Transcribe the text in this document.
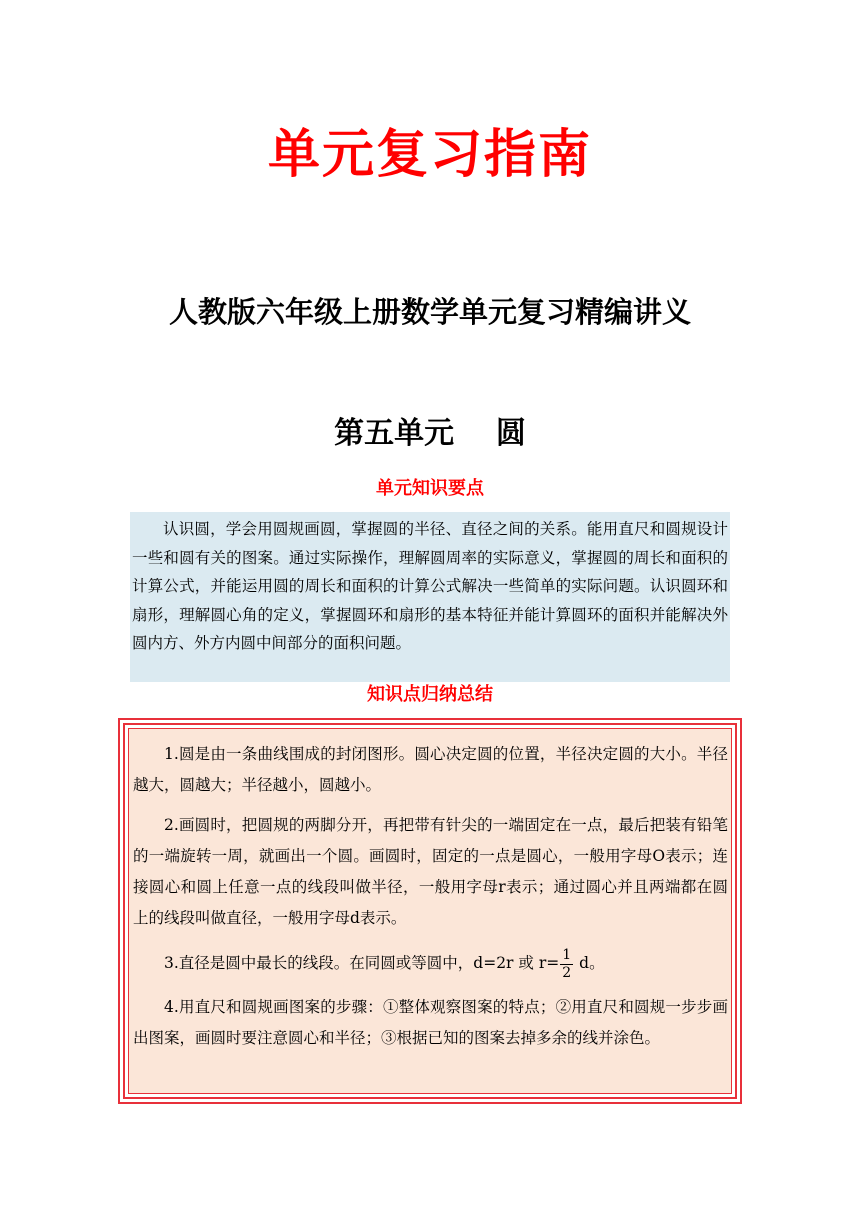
单元复习指南
人教版六年级上册数学单元复习精编讲义
第五单元    圆
单元知识要点

认识圆，学会用圆规画圆，掌握圆的半径、直径之间的关系。能用直尺和圆规设计一些和圆有关的图案。通过实际操作，理解圆周率的实际意义，掌握圆的周长和面积的计算公式，并能运用圆的周长和面积的计算公式解决一些简单的实际问题。认识圆环和扇形，理解圆心角的定义，掌握圆环和扇形的基本特征并能计算圆环的面积并能解决外圆内方、外方内圆中间部分的面积问题。

知识点归纳总结

1.圆是由一条曲线围成的封闭图形。圆心决定圆的位置，半径决定圆的大小。半径越大，圆越大；半径越小，圆越小。

2.画圆时，把圆规的两脚分开，再把带有针尖的一端固定在一点，最后把装有铅笔的一端旋转一周，就画出一个圆。画圆时，固定的一点是圆心，一般用字母O表示；连接圆心和圆上任意一点的线段叫做半径，一般用字母r表示；通过圆心并且两端都在圆上的线段叫做直径，一般用字母d表示。

3.直径是圆中最长的线段。在同圆或等圆中，d=2r 或 $r= \frac{1}{2}$ d。

4.用直尺和圆规画图案的步骤：①整体观察图案的特点；②用直尺和圆规一步步画出图案，画圆时要注意圆心和半径；③根据已知的图案去掉多余的线并涂色。
